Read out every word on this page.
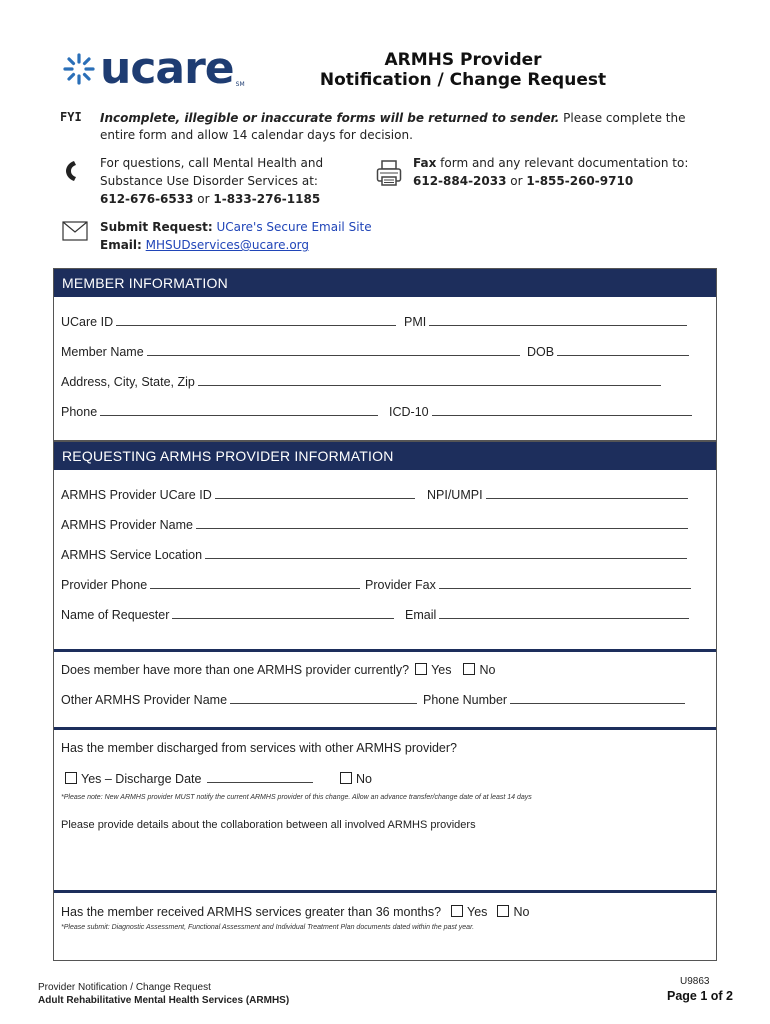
ucare SM
ARMHS Provider
Notification / Change Request
FYI Incomplete, illegible or inaccurate forms will be returned to sender. Please complete the entire form and allow 14 calendar days for decision.
For questions, call Mental Health and Substance Use Disorder Services at:
612-676-6533 or 1-833-276-1185
Fax form and any relevant documentation to:
612-884-2033 or 1-855-260-9710
Submit Request: UCare's Secure Email Site
Email: MHSUDservices@ucare.org
MEMBER INFORMATION
UCare ID	PMI
Member Name	DOB
Address, City, State, Zip
Phone	ICD-10
REQUESTING ARMHS PROVIDER INFORMATION
ARMHS Provider UCare ID	NPI/UMPI
ARMHS Provider Name
ARMHS Service Location
Provider Phone	Provider Fax
Name of Requester	Email
Does member have more than one ARMHS provider currently? Yes No
Other ARMHS Provider Name	Phone Number
Has the member discharged from services with other ARMHS provider?
Yes – Discharge Date	No
*Please note: New ARMHS provider MUST notify the current ARMHS provider of this change. Allow an advance transfer/change date of at least 14 days
Please provide details about the collaboration between all involved ARMHS providers
Has the member received ARMHS services greater than 36 months? Yes No
*Please submit: Diagnostic Assessment, Functional Assessment and Individual Treatment Plan documents dated within the past year.
Provider Notification / Change Request
Adult Rehabilitative Mental Health Services (ARMHS)
U9863
Page 1 of 2
